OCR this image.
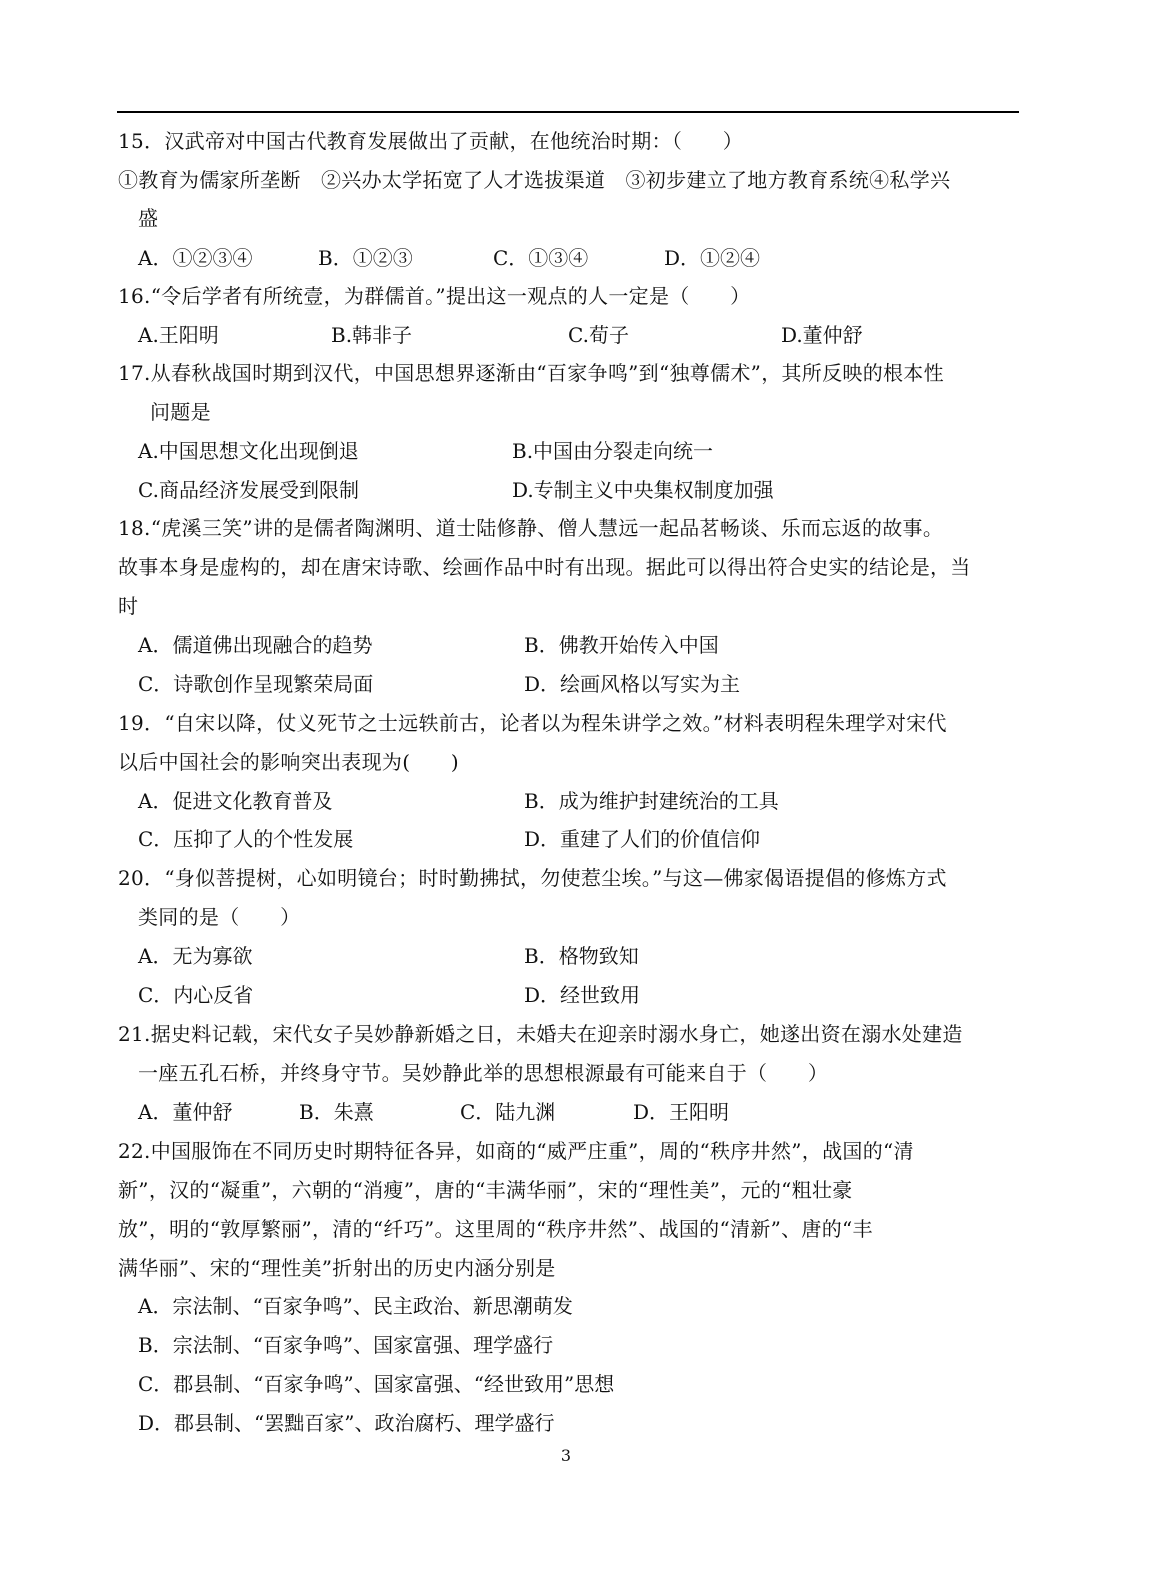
15．汉武帝对中国古代教育发展做出了贡献，在他统治时期：（　　）
①教育为儒家所垄断　②兴办太学拓宽了人才选拔渠道　③初步建立了地方教育系统④私学兴
盛
A．①②③④	B．①②③	C．①③④	D．①②④
16.“令后学者有所统壹，为群儒首。”提出这一观点的人一定是（　　）
A.王阳明	B.韩非子	C.荀子	D.董仲舒
17.从春秋战国时期到汉代，中国思想界逐渐由“百家争鸣”到“独尊儒术”，其所反映的根本性
问题是
A.中国思想文化出现倒退	B.中国由分裂走向统一
C.商品经济发展受到限制	D.专制主义中央集权制度加强
18.“虎溪三笑”讲的是儒者陶渊明、道士陆修静、僧人慧远一起品茗畅谈、乐而忘返的故事。
故事本身是虚构的，却在唐宋诗歌、绘画作品中时有出现。据此可以得出符合史实的结论是，当
时
A．儒道佛出现融合的趋势	B．佛教开始传入中国
C．诗歌创作呈现繁荣局面	D．绘画风格以写实为主
19．“自宋以降，仗义死节之士远轶前古，论者以为程朱讲学之效。”材料表明程朱理学对宋代
以后中国社会的影响突出表现为(　　)
A．促进文化教育普及	B．成为维护封建统治的工具
C．压抑了人的个性发展	D．重建了人们的价值信仰
20．“身似菩提树，心如明镜台；时时勤拂拭，勿使惹尘埃。”与这—佛家偈语提倡的修炼方式
类同的是（　　）
A．无为寡欲	B．格物致知
C．内心反省	D．经世致用
21.据史料记载，宋代女子吴妙静新婚之日，未婚夫在迎亲时溺水身亡，她遂出资在溺水处建造
一座五孔石桥，并终身守节。吴妙静此举的思想根源最有可能来自于（　　）
A．董仲舒	B．朱熹	C．陆九渊	D．王阳明
22.中国服饰在不同历史时期特征各异，如商的“威严庄重”，周的“秩序井然”，战国的“清
新”，汉的“凝重”，六朝的“消瘦”，唐的“丰满华丽”，宋的“理性美”，元的“粗壮豪
放”，明的“敦厚繁丽”，清的“纤巧”。这里周的“秩序井然”、战国的“清新”、唐的“丰
满华丽”、宋的“理性美”折射出的历史内涵分别是
A．宗法制、“百家争鸣”、民主政治、新思潮萌发
B．宗法制、“百家争鸣”、国家富强、理学盛行
C．郡县制、“百家争鸣”、国家富强、“经世致用”思想
D．郡县制、“罢黜百家”、政治腐朽、理学盛行
3
